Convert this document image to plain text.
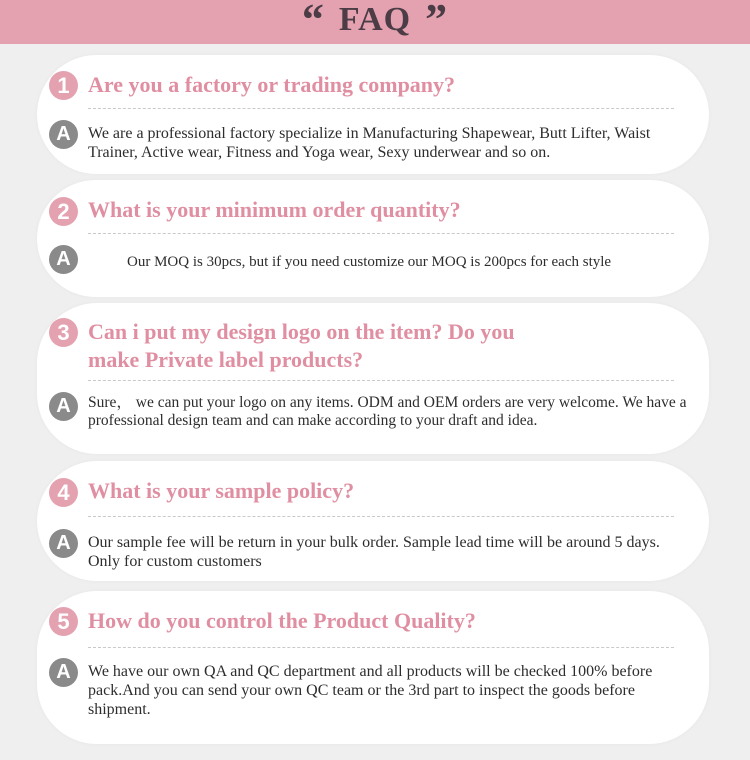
“ FAQ ”
1 Are you a factory or trading company?
A	We are a professional factory specialize in Manufacturing Shapewear, Butt Lifter, Waist Trainer, Active wear, Fitness and Yoga wear, Sexy underwear and so on.
2 What is your minimum order quantity?
A	Our MOQ is 30pcs, but if you need customize our MOQ is 200pcs for each style
3 Can i put my design logo on the item? Do you make Private label products?
A	Sure， we can put your logo on any items. ODM and OEM orders are very welcome. We have a professional design team and can make according to your draft and idea.
4 What is your sample policy?
A	Our sample fee will be return in your bulk order. Sample lead time will be around 5 days. Only for custom customers
5 How do you control the Product Quality?
A	We have our own QA and QC department and all products will be checked 100% before pack.And you can send your own QC team or the 3rd part to inspect the goods before shipment.
